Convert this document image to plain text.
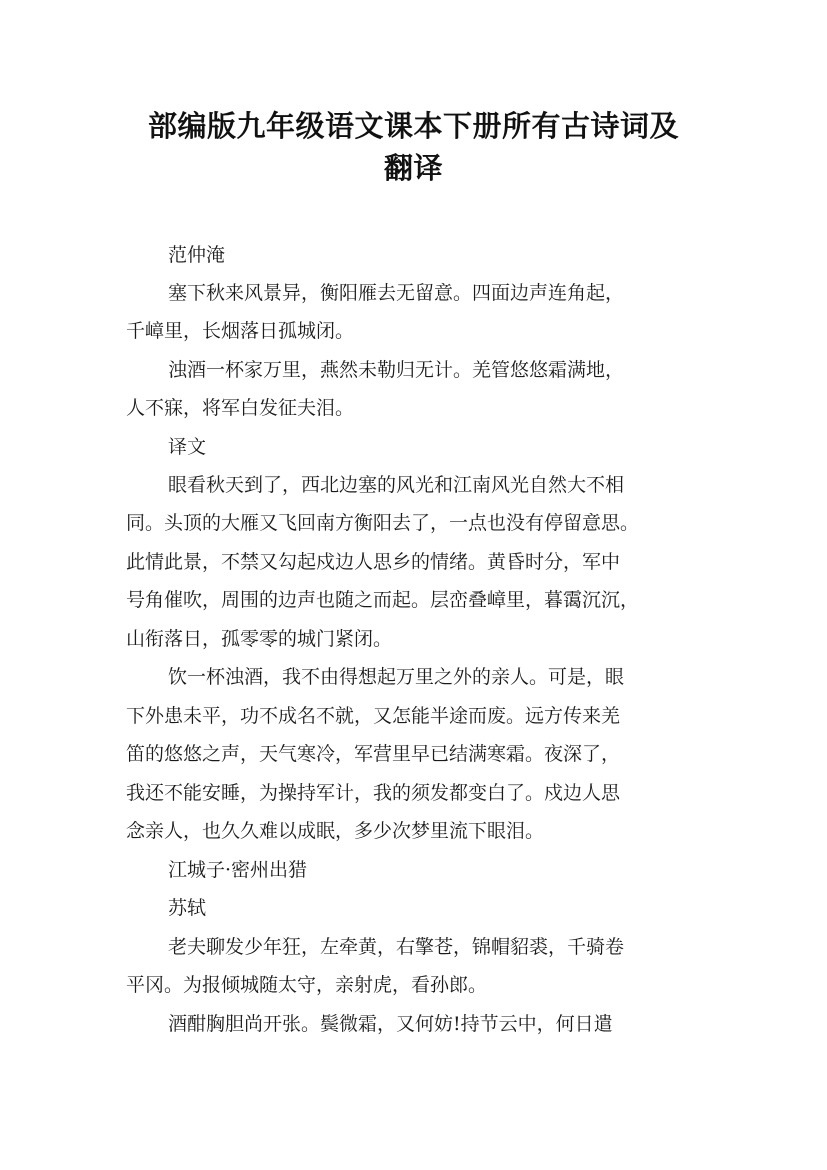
部编版九年级语文课本下册所有古诗词及
翻译

范仲淹

塞下秋来风景异，衡阳雁去无留意。四面边声连角起，

千嶂里，长烟落日孤城闭。

浊酒一杯家万里，燕然未勒归无计。羌管悠悠霜满地，

人不寐，将军白发征夫泪。

译文

眼看秋天到了，西北边塞的风光和江南风光自然大不相

同。头顶的大雁又飞回南方衡阳去了，一点也没有停留意思。

此情此景，不禁又勾起戍边人思乡的情绪。黄昏时分，军中

号角催吹，周围的边声也随之而起。层峦叠嶂里，暮霭沉沉，

山衔落日，孤零零的城门紧闭。

饮一杯浊酒，我不由得想起万里之外的亲人。可是，眼

下外患未平，功不成名不就，又怎能半途而废。远方传来羌

笛的悠悠之声，天气寒冷，军营里早已结满寒霜。夜深了，

我还不能安睡，为操持军计，我的须发都变白了。戍边人思

念亲人，也久久难以成眠，多少次梦里流下眼泪。

江城子·密州出猎

苏轼

老夫聊发少年狂，左牵黄，右擎苍，锦帽貂裘，千骑卷

平冈。为报倾城随太守，亲射虎，看孙郎。

酒酣胸胆尚开张。鬓微霜，又何妨!持节云中，何日遣
